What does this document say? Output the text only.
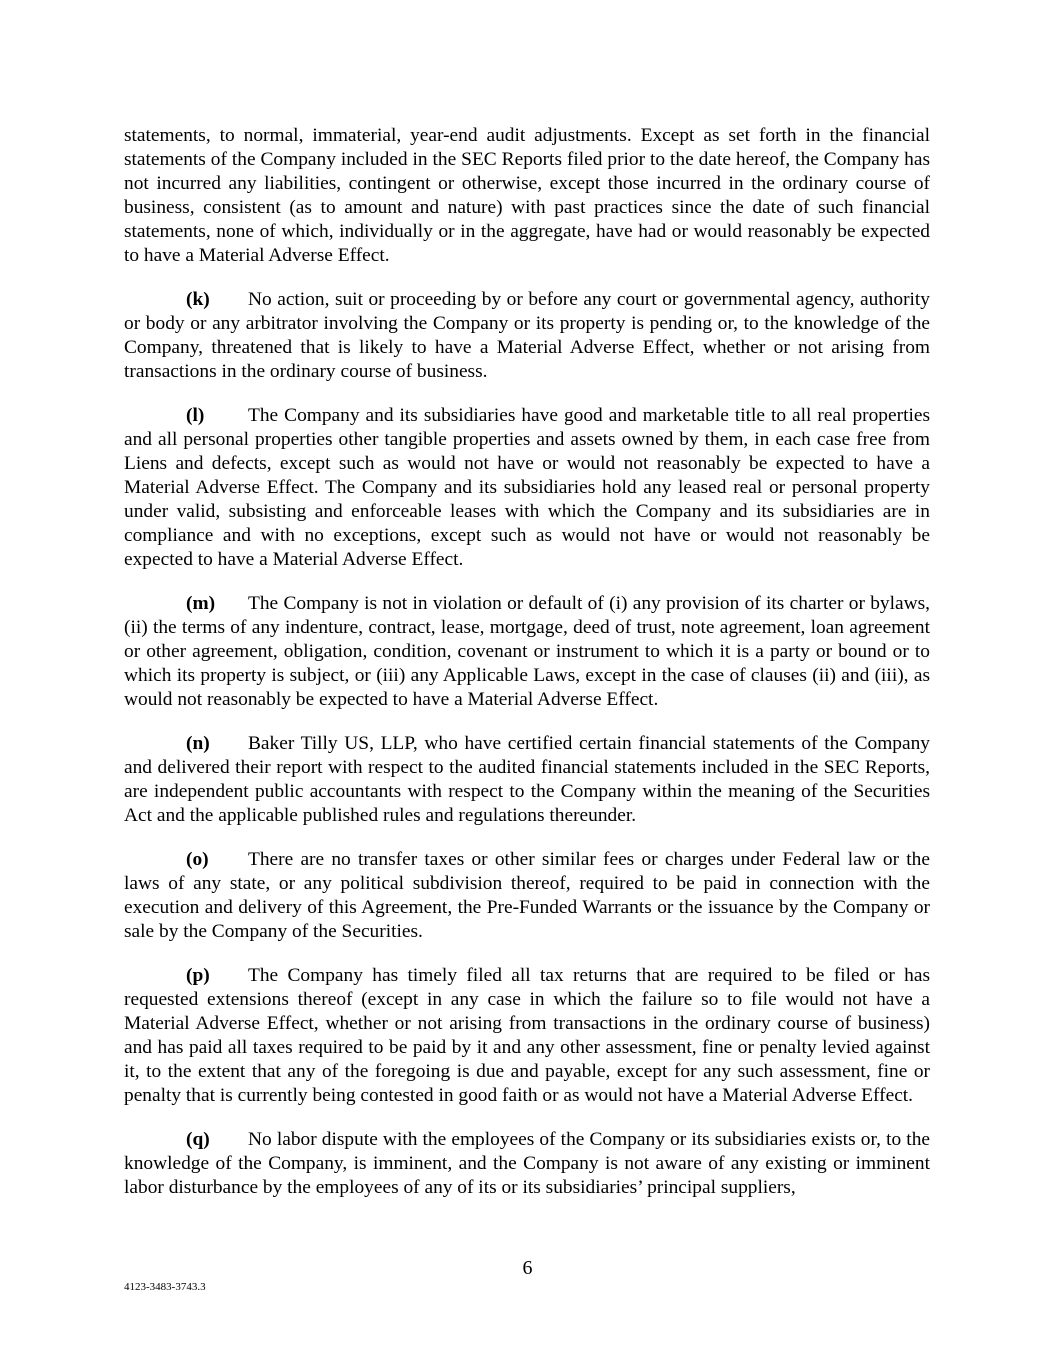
statements, to normal, immaterial, year-end audit adjustments. Except as set forth in the financial statements of the Company included in the SEC Reports filed prior to the date hereof, the Company has not incurred any liabilities, contingent or otherwise, except those incurred in the ordinary course of business, consistent (as to amount and nature) with past practices since the date of such financial statements, none of which, individually or in the aggregate, have had or would reasonably be expected to have a Material Adverse Effect.

(k) No action, suit or proceeding by or before any court or governmental agency, authority or body or any arbitrator involving the Company or its property is pending or, to the knowledge of the Company, threatened that is likely to have a Material Adverse Effect, whether or not arising from transactions in the ordinary course of business.

(l) The Company and its subsidiaries have good and marketable title to all real properties and all personal properties other tangible properties and assets owned by them, in each case free from Liens and defects, except such as would not have or would not reasonably be expected to have a Material Adverse Effect. The Company and its subsidiaries hold any leased real or personal property under valid, subsisting and enforceable leases with which the Company and its subsidiaries are in compliance and with no exceptions, except such as would not have or would not reasonably be expected to have a Material Adverse Effect.

(m) The Company is not in violation or default of (i) any provision of its charter or bylaws, (ii) the terms of any indenture, contract, lease, mortgage, deed of trust, note agreement, loan agreement or other agreement, obligation, condition, covenant or instrument to which it is a party or bound or to which its property is subject, or (iii) any Applicable Laws, except in the case of clauses (ii) and (iii), as would not reasonably be expected to have a Material Adverse Effect.

(n) Baker Tilly US, LLP, who have certified certain financial statements of the Company and delivered their report with respect to the audited financial statements included in the SEC Reports, are independent public accountants with respect to the Company within the meaning of the Securities Act and the applicable published rules and regulations thereunder.

(o) There are no transfer taxes or other similar fees or charges under Federal law or the laws of any state, or any political subdivision thereof, required to be paid in connection with the execution and delivery of this Agreement, the Pre-Funded Warrants or the issuance by the Company or sale by the Company of the Securities.

(p) The Company has timely filed all tax returns that are required to be filed or has requested extensions thereof (except in any case in which the failure so to file would not have a Material Adverse Effect, whether or not arising from transactions in the ordinary course of business) and has paid all taxes required to be paid by it and any other assessment, fine or penalty levied against it, to the extent that any of the foregoing is due and payable, except for any such assessment, fine or penalty that is currently being contested in good faith or as would not have a Material Adverse Effect.

(q) No labor dispute with the employees of the Company or its subsidiaries exists or, to the knowledge of the Company, is imminent, and the Company is not aware of any existing or imminent labor disturbance by the employees of any of its or its subsidiaries’ principal suppliers,

6
4123-3483-3743.3
